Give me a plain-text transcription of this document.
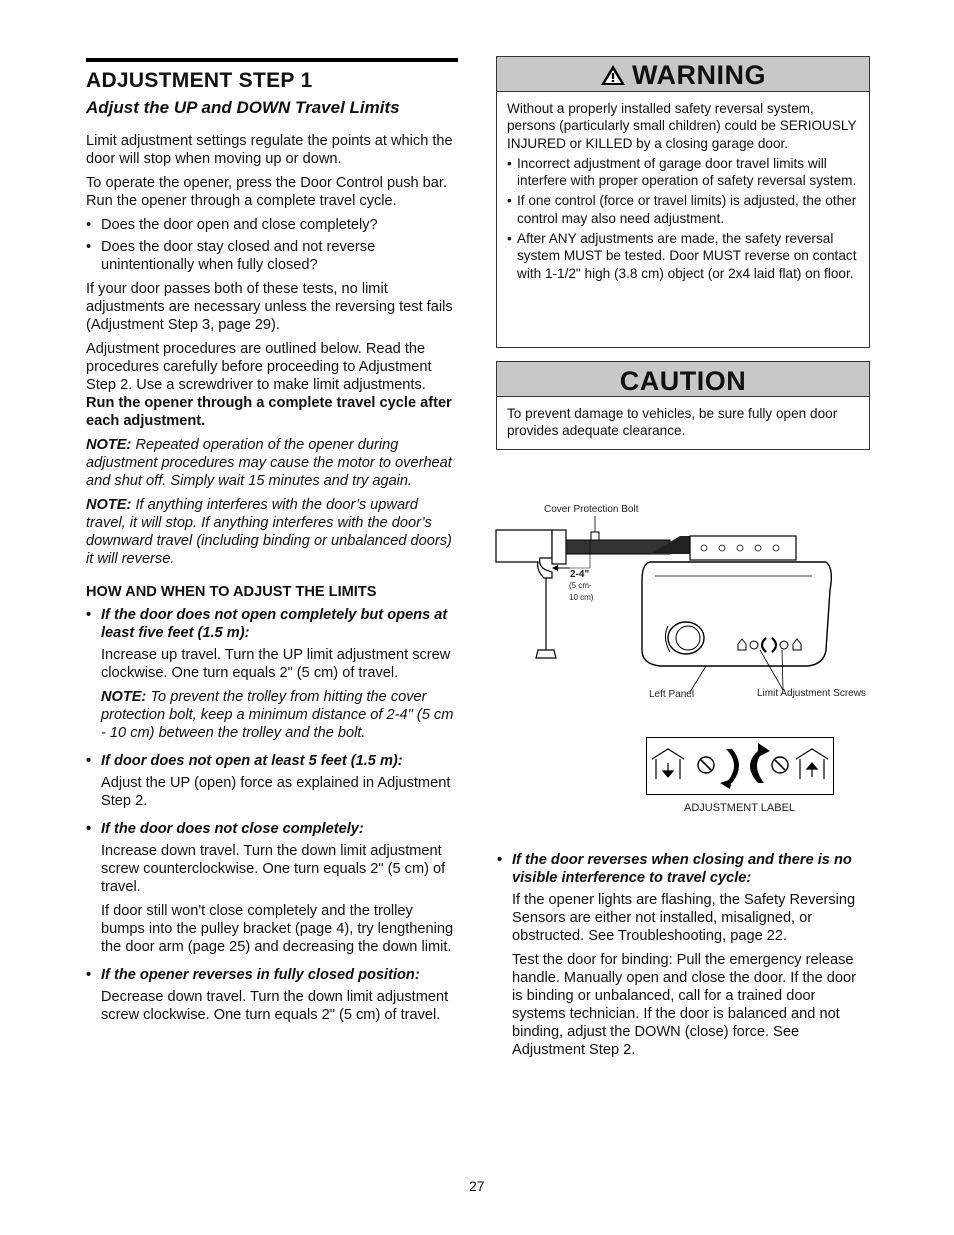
ADJUSTMENT STEP 1
Adjust the UP and DOWN Travel Limits

Limit adjustment settings regulate the points at which the door will stop when moving up or down.

To operate the opener, press the Door Control push bar. Run the opener through a complete travel cycle.

• Does the door open and close completely?
• Does the door stay closed and not reverse unintentionally when fully closed?

If your door passes both of these tests, no limit adjustments are necessary unless the reversing test fails (Adjustment Step 3, page 29).

Adjustment procedures are outlined below. Read the procedures carefully before proceeding to Adjustment Step 2. Use a screwdriver to make limit adjustments. Run the opener through a complete travel cycle after each adjustment.

NOTE: Repeated operation of the opener during adjustment procedures may cause the motor to overheat and shut off. Simply wait 15 minutes and try again.

NOTE: If anything interferes with the door’s upward travel, it will stop. If anything interferes with the door’s downward travel (including binding or unbalanced doors) it will reverse.

HOW AND WHEN TO ADJUST THE LIMITS
• If the door does not open completely but opens at least five feet (1.5 m):

Increase up travel. Turn the UP limit adjustment screw clockwise. One turn equals 2" (5 cm) of travel.

NOTE: To prevent the trolley from hitting the cover protection bolt, keep a minimum distance of 2-4" (5 cm - 10 cm) between the trolley and the bolt.

• If door does not open at least 5 feet (1.5 m):

Adjust the UP (open) force as explained in Adjustment Step 2.

• If the door does not close completely:

Increase down travel. Turn the down limit adjustment screw counterclockwise. One turn equals 2" (5 cm) of travel.

If door still won't close completely and the trolley bumps into the pulley bracket (page 4), try lengthening the door arm (page 25) and decreasing the down limit.

• If the opener reverses in fully closed position:

Decrease down travel. Turn the down limit adjustment screw clockwise. One turn equals 2" (5 cm) of travel.

WARNING
Without a properly installed safety reversal system, persons (particularly small children) could be SERIOUSLY INJURED or KILLED by a closing garage door.
• Incorrect adjustment of garage door travel limits will interfere with proper operation of safety reversal system.
• If one control (force or travel limits) is adjusted, the other control may also need adjustment.
• After ANY adjustments are made, the safety reversal system MUST be tested. Door MUST reverse on contact with 1-1/2" high (3.8 cm) object (or 2x4 laid flat) on floor.
CAUTION
To prevent damage to vehicles, be sure fully open door provides adequate clearance.
Cover Protection Bolt
2-4"
(5 cm-
10 cm)
Left Panel	Limit Adjustment Screws
ADJUSTMENT LABEL
• If the door reverses when closing and there is no visible interference to travel cycle:

If the opener lights are flashing, the Safety Reversing Sensors are either not installed, misaligned, or obstructed. See Troubleshooting, page 22.

Test the door for binding: Pull the emergency release handle. Manually open and close the door. If the door is binding or unbalanced, call for a trained door systems technician. If the door is balanced and not binding, adjust the DOWN (close) force. See Adjustment Step 2.

27
